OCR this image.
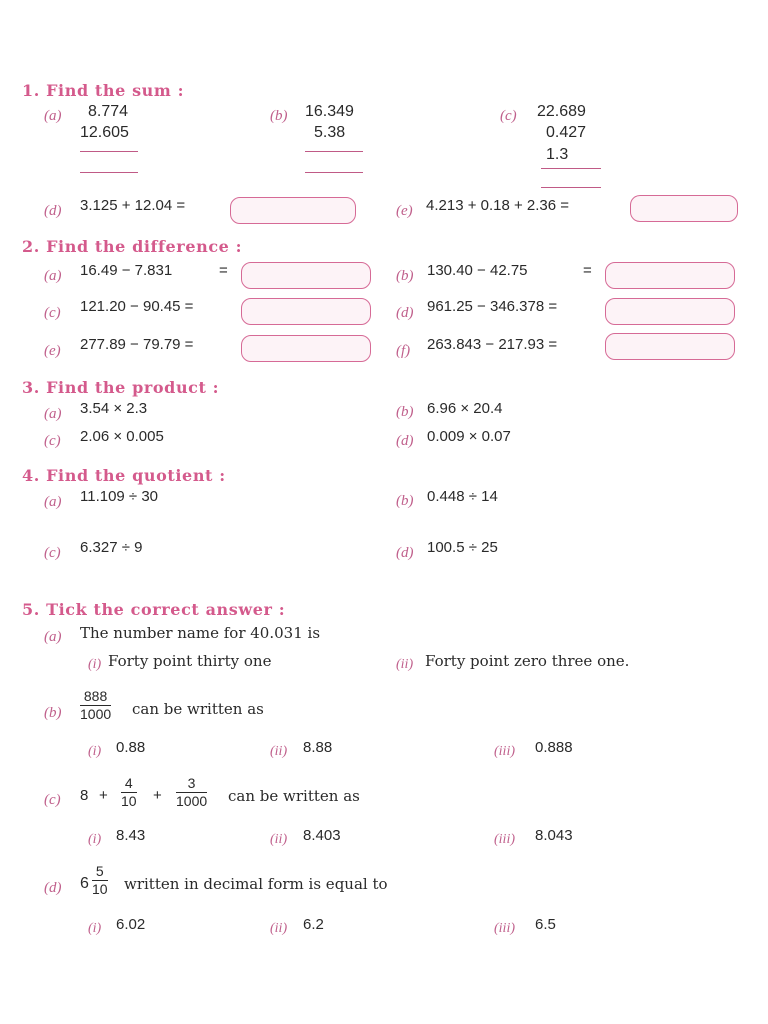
1. Find the sum :
(a) 8.774
12.605
(b) 16.349
5.38
(c) 22.689
0.427
1.3
(d) 3.125 + 12.04 =	(e) 4.213 + 0.18 + 2.36 =
2. Find the difference :
(a) 16.49 − 7.831	=	(b) 130.40 − 42.75	=
(c) 121.20 − 90.45 =	(d) 961.25 − 346.378 =
(e) 277.89 − 79.79 =	(f) 263.843 − 217.93 =
3. Find the product :
(a) 3.54 × 2.3	(b) 6.96 × 20.4
(c) 2.06 × 0.005	(d) 0.009 × 0.07
4. Find the quotient :
(a) 11.109 ÷ 30	(b) 0.448 ÷ 14
(c) 6.327 ÷ 9	(d) 100.5 ÷ 25
5. Tick the correct answer :
(a) The number name for 40.031 is
(i) Forty point thirty one	(ii) Forty point zero three one.
(b)
888
1000 can be written as
(i) 0.88	(ii) 8.88	(iii) 0.888
(c) 8 +
4
10 +
3
1000 can be written as
(i) 8.43	(ii) 8.403	(iii) 8.043
(d) 6
5
10 written in decimal form is equal to
(i) 6.02	(ii) 6.2	(iii) 6.5
